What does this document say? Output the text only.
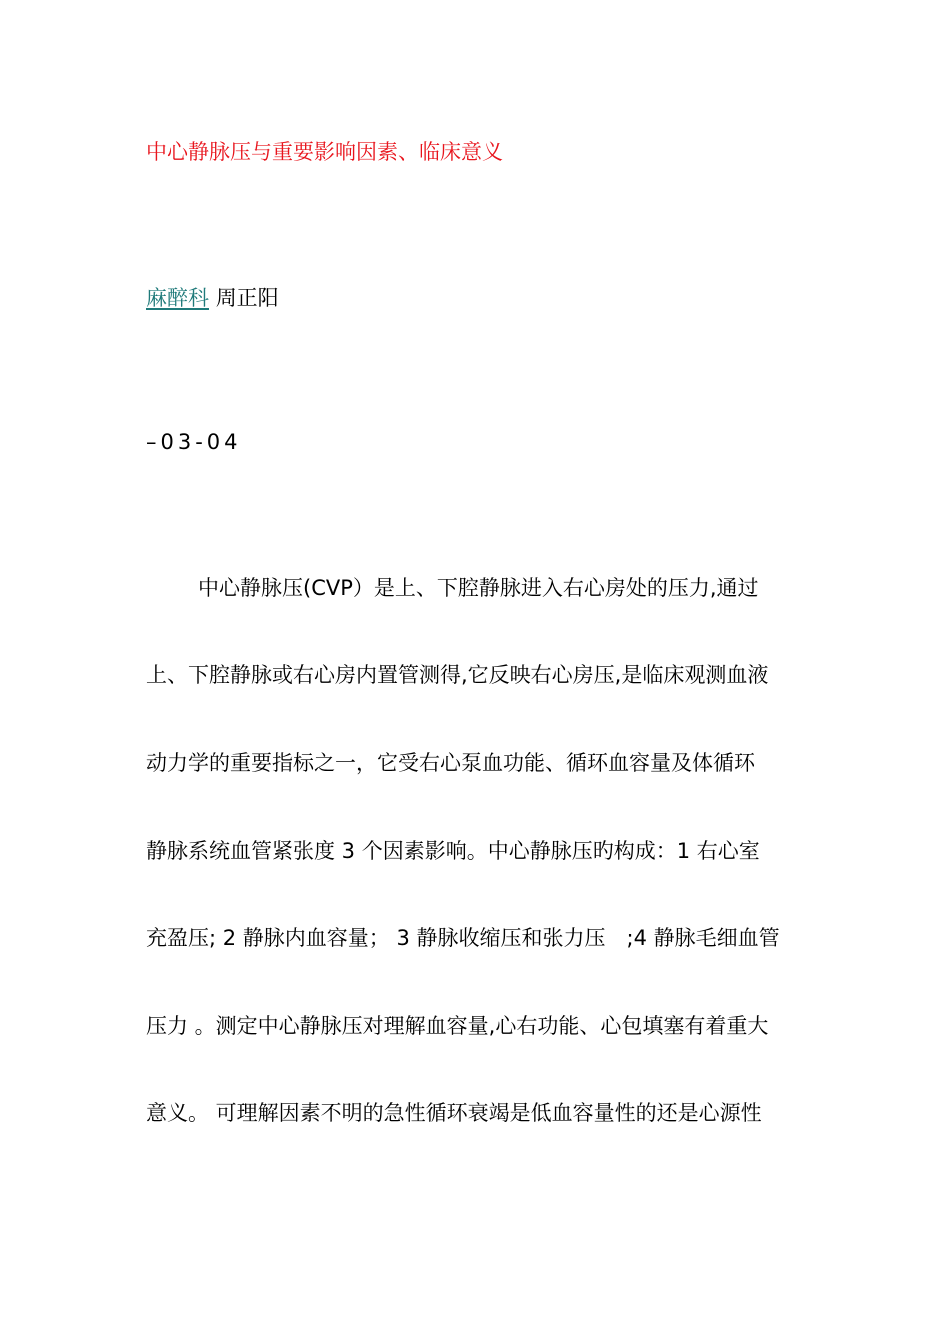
中心静脉压与重要影响因素、临床意义
麻醉科 周正阳
–03-04
中心静脉压(CVP）是上、下腔静脉进入右心房处的压力,通过
上、下腔静脉或右心房内置管测得,它反映右心房压,是临床观测血液
动力学的重要指标之一，它受右心泵血功能、循环血容量及体循环
静脉系统血管紧张度 3 个因素影响。中心静脉压旳构成：1 右心室
充盈压; 2 静脉内血容量； 3 静脉收缩压和张力压　;4 静脉毛细血管
压力 。测定中心静脉压对理解血容量,心右功能、心包填塞有着重大
意义。 可理解因素不明的急性循环衰竭是低血容量性的还是心源性
